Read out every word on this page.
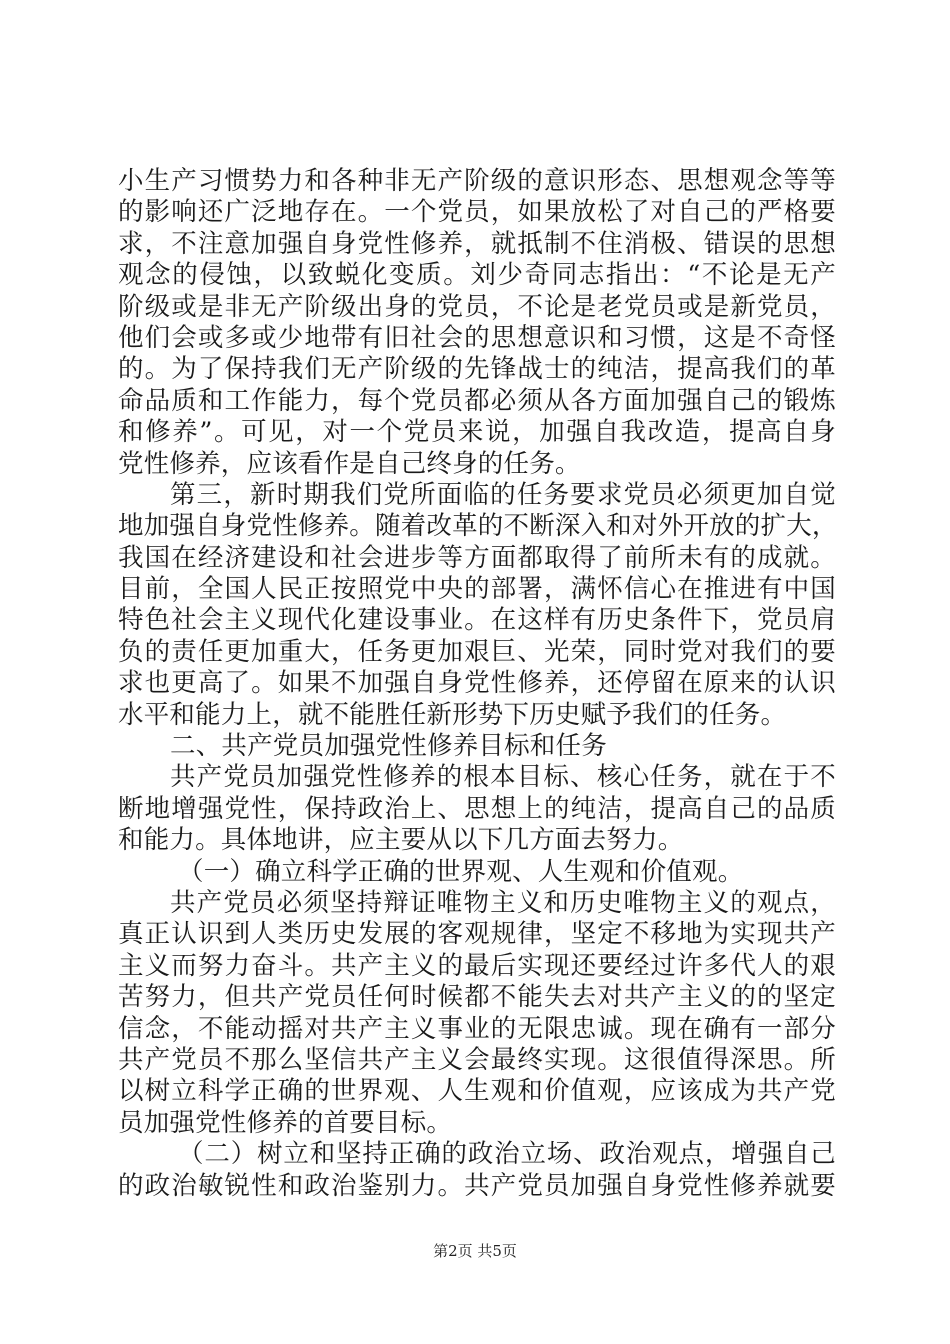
小生产习惯势力和各种非无产阶级的意识形态、思想观念等等
的影响还广泛地存在。一个党员，如果放松了对自己的严格要
求，不注意加强自身党性修养，就抵制不住消极、错误的思想
观念的侵蚀，以致蜕化变质。刘少奇同志指出：“不论是无产
阶级或是非无产阶级出身的党员，不论是老党员或是新党员，
他们会或多或少地带有旧社会的思想意识和习惯，这是不奇怪
的。为了保持我们无产阶级的先锋战士的纯洁，提高我们的革
命品质和工作能力，每个党员都必须从各方面加强自己的锻炼
和修养”。可见，对一个党员来说，加强自我改造，提高自身
党性修养，应该看作是自己终身的任务。
第三，新时期我们党所面临的任务要求党员必须更加自觉
地加强自身党性修养。随着改革的不断深入和对外开放的扩大，
我国在经济建设和社会进步等方面都取得了前所未有的成就。
目前，全国人民正按照党中央的部署，满怀信心在推进有中国
特色社会主义现代化建设事业。在这样有历史条件下，党员肩
负的责任更加重大，任务更加艰巨、光荣，同时党对我们的要
求也更高了。如果不加强自身党性修养，还停留在原来的认识
水平和能力上，就不能胜任新形势下历史赋予我们的任务。
二、共产党员加强党性修养目标和任务
共产党员加强党性修养的根本目标、核心任务，就在于不
断地增强党性，保持政治上、思想上的纯洁，提高自己的品质
和能力。具体地讲，应主要从以下几方面去努力。
（一）确立科学正确的世界观、人生观和价值观。
共产党员必须坚持辩证唯物主义和历史唯物主义的观点，
真正认识到人类历史发展的客观规律，坚定不移地为实现共产
主义而努力奋斗。共产主义的最后实现还要经过许多代人的艰
苦努力，但共产党员任何时候都不能失去对共产主义的的坚定
信念，不能动摇对共产主义事业的无限忠诚。现在确有一部分
共产党员不那么坚信共产主义会最终实现。这很值得深思。所
以树立科学正确的世界观、人生观和价值观，应该成为共产党
员加强党性修养的首要目标。
（二）树立和坚持正确的政治立场、政治观点，增强自己
的政治敏锐性和政治鉴别力。共产党员加强自身党性修养就要
第2页 共5页
